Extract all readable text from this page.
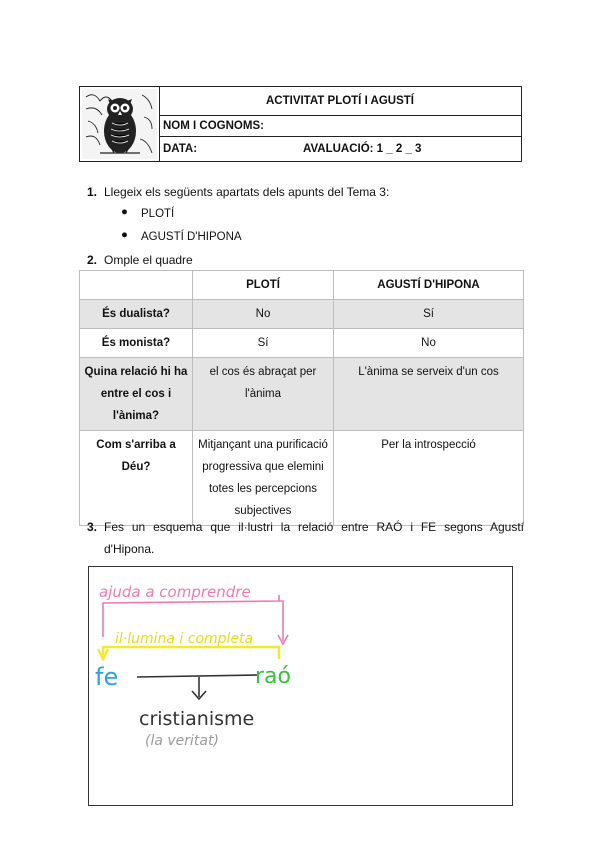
ACTIVITAT PLOTÍ I AGUSTÍ
NOM I COGNOMS:
DATA:	AVALUACIÓ: 1 _ 2 _ 3
1. Llegeix els següents apartats dels apunts del Tema 3:
● PLOTÍ
● AGUSTÍ D'HIPONA
2. Omple el quadre
	PLOTÍ	AGUSTÍ D'HIPONA
És dualista?	No	Sí
És monista?	Sí	No
Quina relació hi ha entre el cos i l'ànima?	el cos és abraçat per l'ànima	L'ànima se serveix d'un cos
Com s'arriba a Déu?	Mitjançant una purificació progressiva que elemini totes les percepcions subjectives	Per la introspecció
3. Fes un esquema que il·lustri la relació entre RAÓ i FE segons Agustí
d'Hipona.
ajuda a comprendre
il·lumina i completa
fe	raó
cristianisme
(la veritat)
